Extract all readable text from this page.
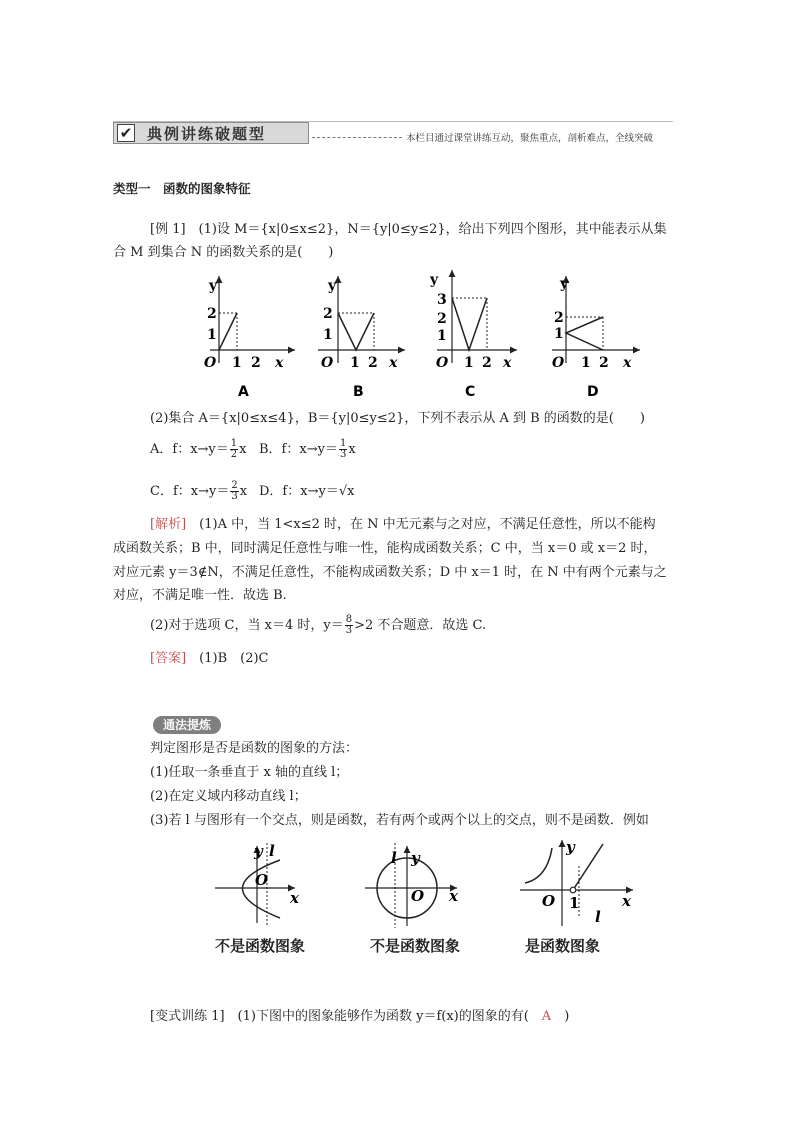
✔ 典例讲练破题型	本栏目通过课堂讲练互动，聚焦重点，剖析难点，全线突破
类型一　函数的图象特征
[例 1]　(1)设 M＝{x|0≤x≤2}，N＝{y|0≤y≤2}，给出下列四个图形，其中能表示从集
合 M 到集合 N 的函数关系的是(　　)
y
2
1
O 1 2 x
A
y
2
1
O 1 2 x
B
y
3
2
1
O 1 2 x
C
y
2
1
O 1 2 x
D
(2)集合 A＝{x|0≤x≤4}，B＝{y|0≤y≤2}，下列不表示从 A 到 B 的函数的是(　　)
A．f：$x\to y= \frac{1}{2}$ x B．f：$x\to y= \frac{1}{3}$ x
C．f：$x\to y= \frac{2}{3}$ x D．f：x→y＝√x
[解析]　(1)A 中，当 1<x≤2 时，在 N 中无元素与之对应，不满足任意性，所以不能构
成函数关系；B 中，同时满足任意性与唯一性，能构成函数关系；C 中，当 x＝0 或 x＝2 时，
对应元素 y＝3∉N，不满足任意性，不能构成函数关系；D 中 x＝1 时，在 N 中有两个元素与之
对应，不满足唯一性．故选 B.
(2)对于选项 C，当 x＝4 时，$y= \frac{8}{3} >2$ 不合题意．故选 C.
[答案]　(1)B　(2)C
通法提炼
判定图形是否是函数的图象的方法：
(1)任取一条垂直于 x 轴的直线 l；
(2)在定义域内移动直线 l；
(3)若 l 与图形有一个交点，则是函数，若有两个或两个以上的交点，则不是函数．例如
y l
O
x
l y
O x
y
O 1	x
l
不是函数图象	不是函数图象	是函数图象
[变式训练 1]　(1)下图中的图象能够作为函数 y＝f(x)的图象的有(　A　)
